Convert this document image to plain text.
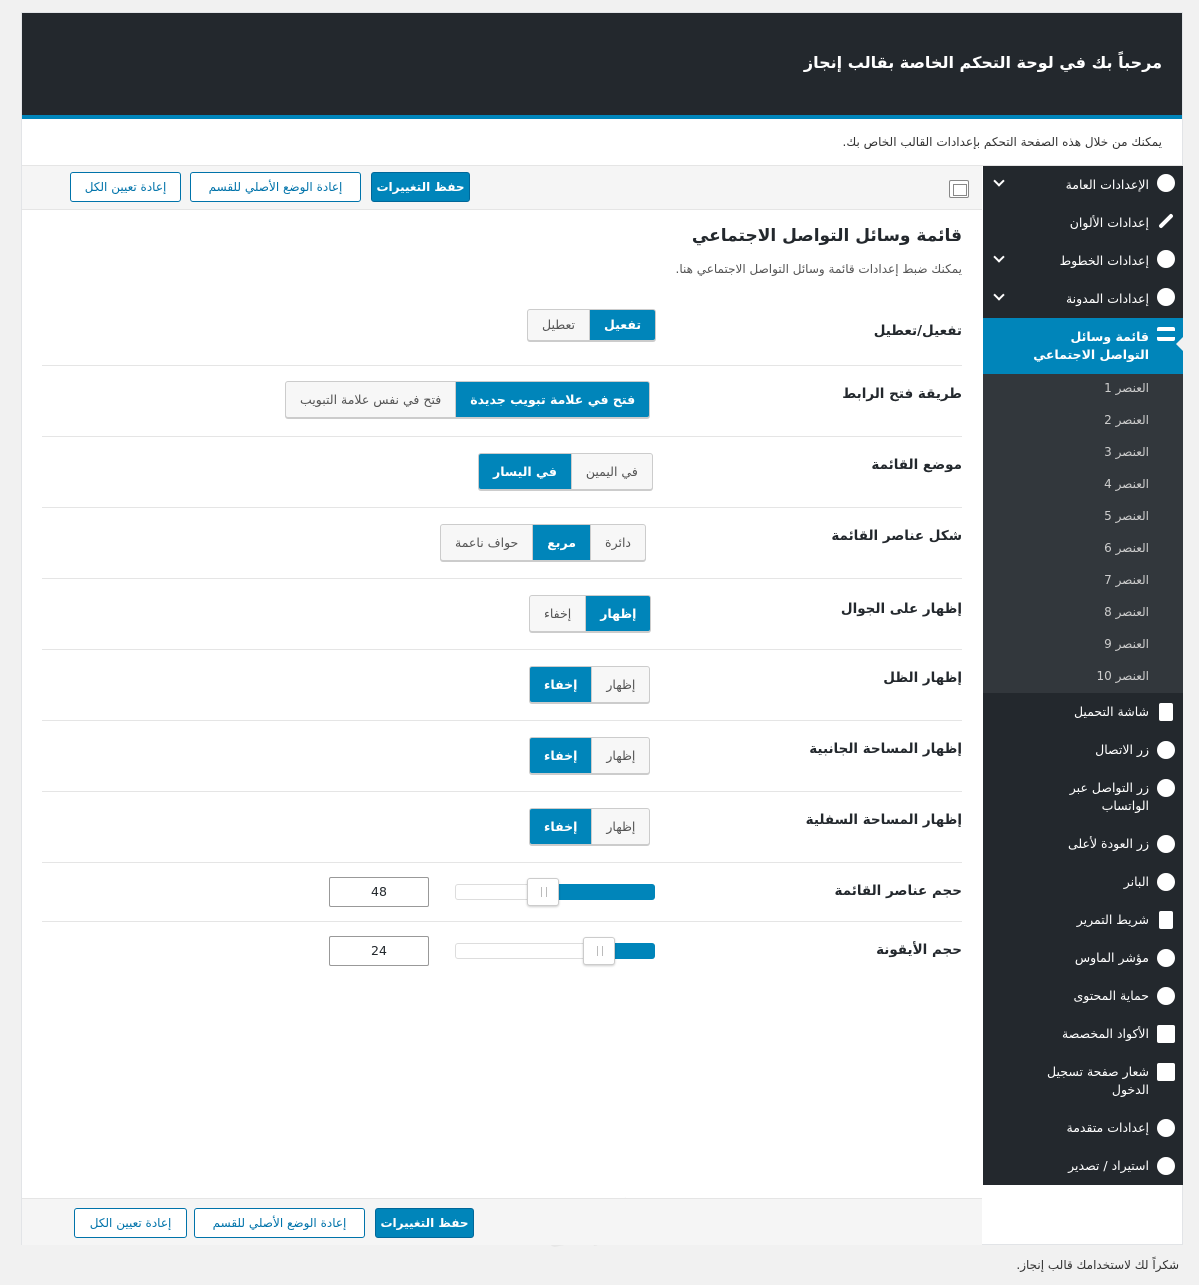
مرحباً بك في لوحة التحكم الخاصة بقالب إنجاز
يمكنك من خلال هذه الصفحة التحكم بإعدادات القالب الخاص بك.
حفظ التغييرات
إعادة الوضع الأصلي للقسم
إعادة تعيين الكل	الإعدادات العامة
إعدادات الألوان
إعدادات الخطوط
إعدادات المدونة
قائمة وسائل التواصل الاجتماعي
العنصر 1
العنصر 2
العنصر 3
العنصر 4
العنصر 5
العنصر 6
العنصر 7
العنصر 8
العنصر 9
العنصر 10
شاشة التحميل
زر الاتصال
زر التواصل عبر الواتساب
زر العودة لأعلى
البانر
شريط التمرير
مؤشر الماوس
حماية المحتوى
الأكواد المخصصة
شعار صفحة تسجيل الدخول
إعدادات متقدمة
استيراد / تصدير
قائمة وسائل التواصل الاجتماعي
يمكنك ضبط إعدادات قائمة وسائل التواصل الاجتماعي هنا.
تفعيل/تعطيل
تعطيل	تفعيل
طريقة فتح الرابط
فتح في نفس علامة التبويب	فتح في علامة تبويب جديدة
موضع القائمة
في اليسار	في اليمين
شكل عناصر القائمة
حواف ناعمة	مربع	دائرة
إظهار على الجوال
إخفاء	إظهار
إظهار الظل
إخفاء	إظهار
إظهار المساحة الجانبية
إخفاء	إظهار
إظهار المساحة السفلية
إخفاء	إظهار
حجم عناصر القائمة
48
حجم الأيقونة
24
حفظ التغييرات
إعادة الوضع الأصلي للقسم
إعادة تعيين الكل
شكراً لك لاستخدامك قالب إنجاز.
